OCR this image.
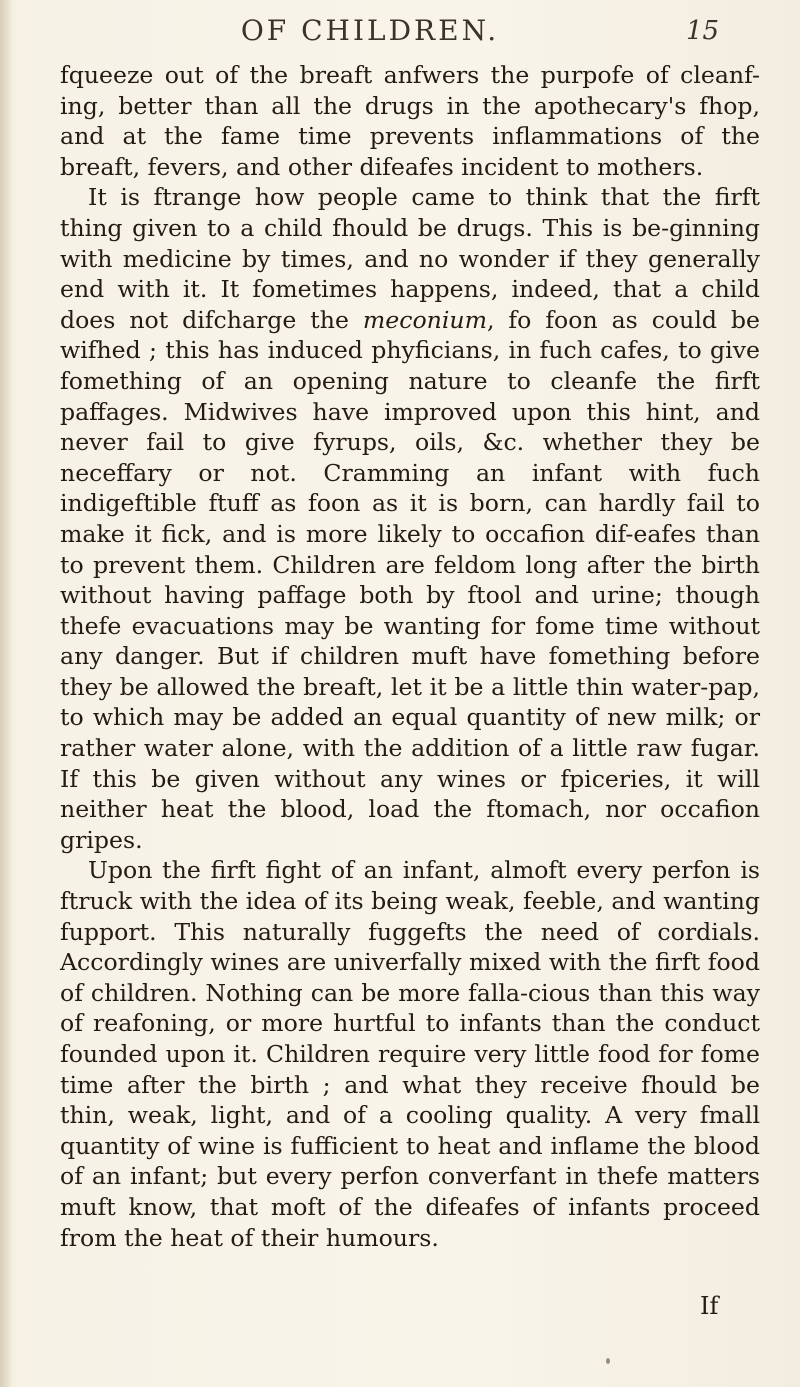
OF CHILDREN.	15

fqueeze out of the breaft anfwers the purpofe of cleanf-ing, better than all the drugs in the apothecary's fhop, and at the fame time prevents inflammations of the breaft, fevers, and other difeafes incident to mothers.

It is ftrange how people came to think that the firft thing given to a child fhould be drugs. This is be-ginning with medicine by times, and no wonder if they generally end with it. It fometimes happens, indeed, that a child does not difcharge the meconium, fo foon as could be wifhed ; this has induced phyficians, in fuch cafes, to give fomething of an opening nature to cleanfe the firft paffages. Midwives have improved upon this hint, and never fail to give fyrups, oils, &c. whether they be neceffary or not. Cramming an infant with fuch indigeftible ftuff as foon as it is born, can hardly fail to make it fick, and is more likely to occafion dif-eafes than to prevent them. Children are feldom long after the birth without having paffage both by ftool and urine; though thefe evacuations may be wanting for fome time without any danger. But if children muft have fomething before they be allowed the breaft, let it be a little thin water-pap, to which may be added an equal quantity of new milk; or rather water alone, with the addition of a little raw fugar. If this be given without any wines or fpiceries, it will neither heat the blood, load the ftomach, nor occafion gripes.

Upon the firft fight of an infant, almoft every perfon is ftruck with the idea of its being weak, feeble, and wanting fupport. This naturally fuggefts the need of cordials. Accordingly wines are univerfally mixed with the firft food of children. Nothing can be more falla-cious than this way of reafoning, or more hurtful to infants than the conduct founded upon it. Children require very little food for fome time after the birth ; and what they receive fhould be thin, weak, light, and of a cooling quality. A very fmall quantity of wine is fufficient to heat and inflame the blood of an infant; but every perfon converfant in thefe matters muft know, that moft of the difeafes of infants proceed from the heat of their humours.

If
